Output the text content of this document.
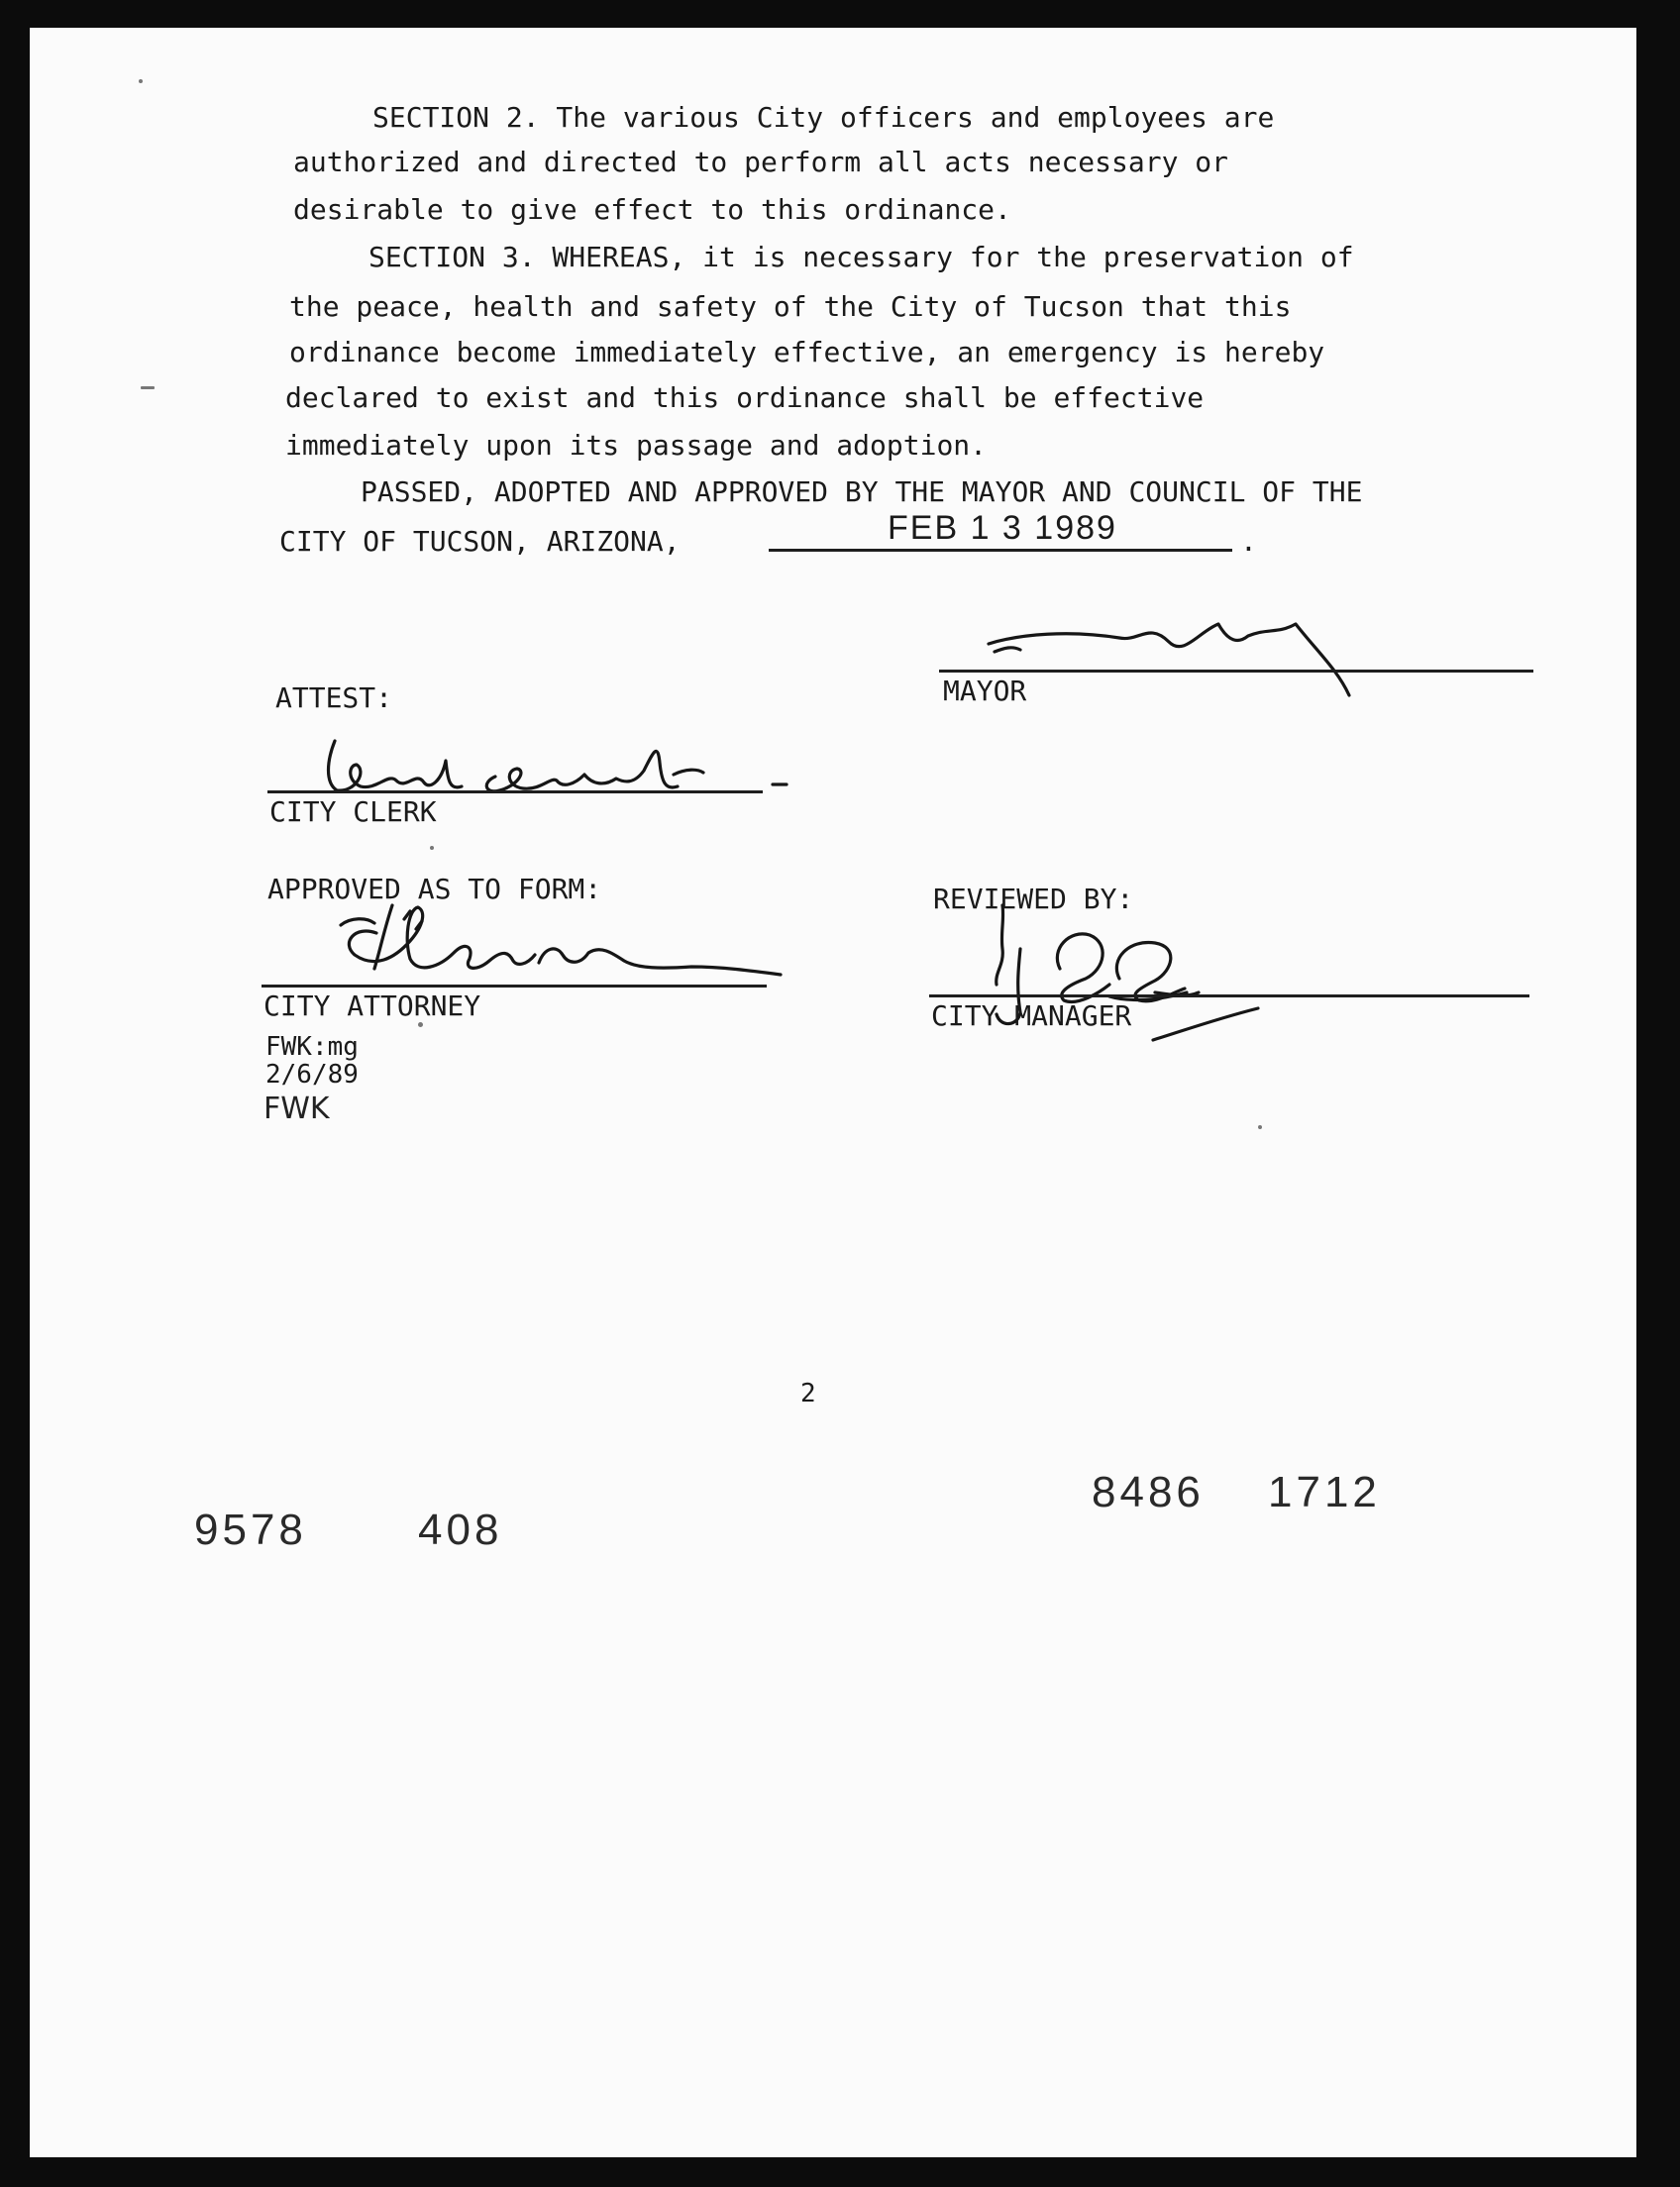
SECTION 2. The various City officers and employees are
authorized and directed to perform all acts necessary or
desirable to give effect to this ordinance.
SECTION 3. WHEREAS, it is necessary for the preservation of
the peace, health and safety of the City of Tucson that this
ordinance become immediately effective, an emergency is hereby
declared to exist and this ordinance shall be effective
immediately upon its passage and adoption.
PASSED, ADOPTED AND APPROVED BY THE MAYOR AND COUNCIL OF THE
CITY OF TUCSON, ARIZONA,	FEB 1 3 1989	.
MAYOR
ATTEST:
CITY CLERK
APPROVED AS TO FORM:	REVIEWED BY:
CITY ATTORNEY	CITY MANAGER
FWK:mg
2/6/89
FWK
2
8486 1712
9578	408
